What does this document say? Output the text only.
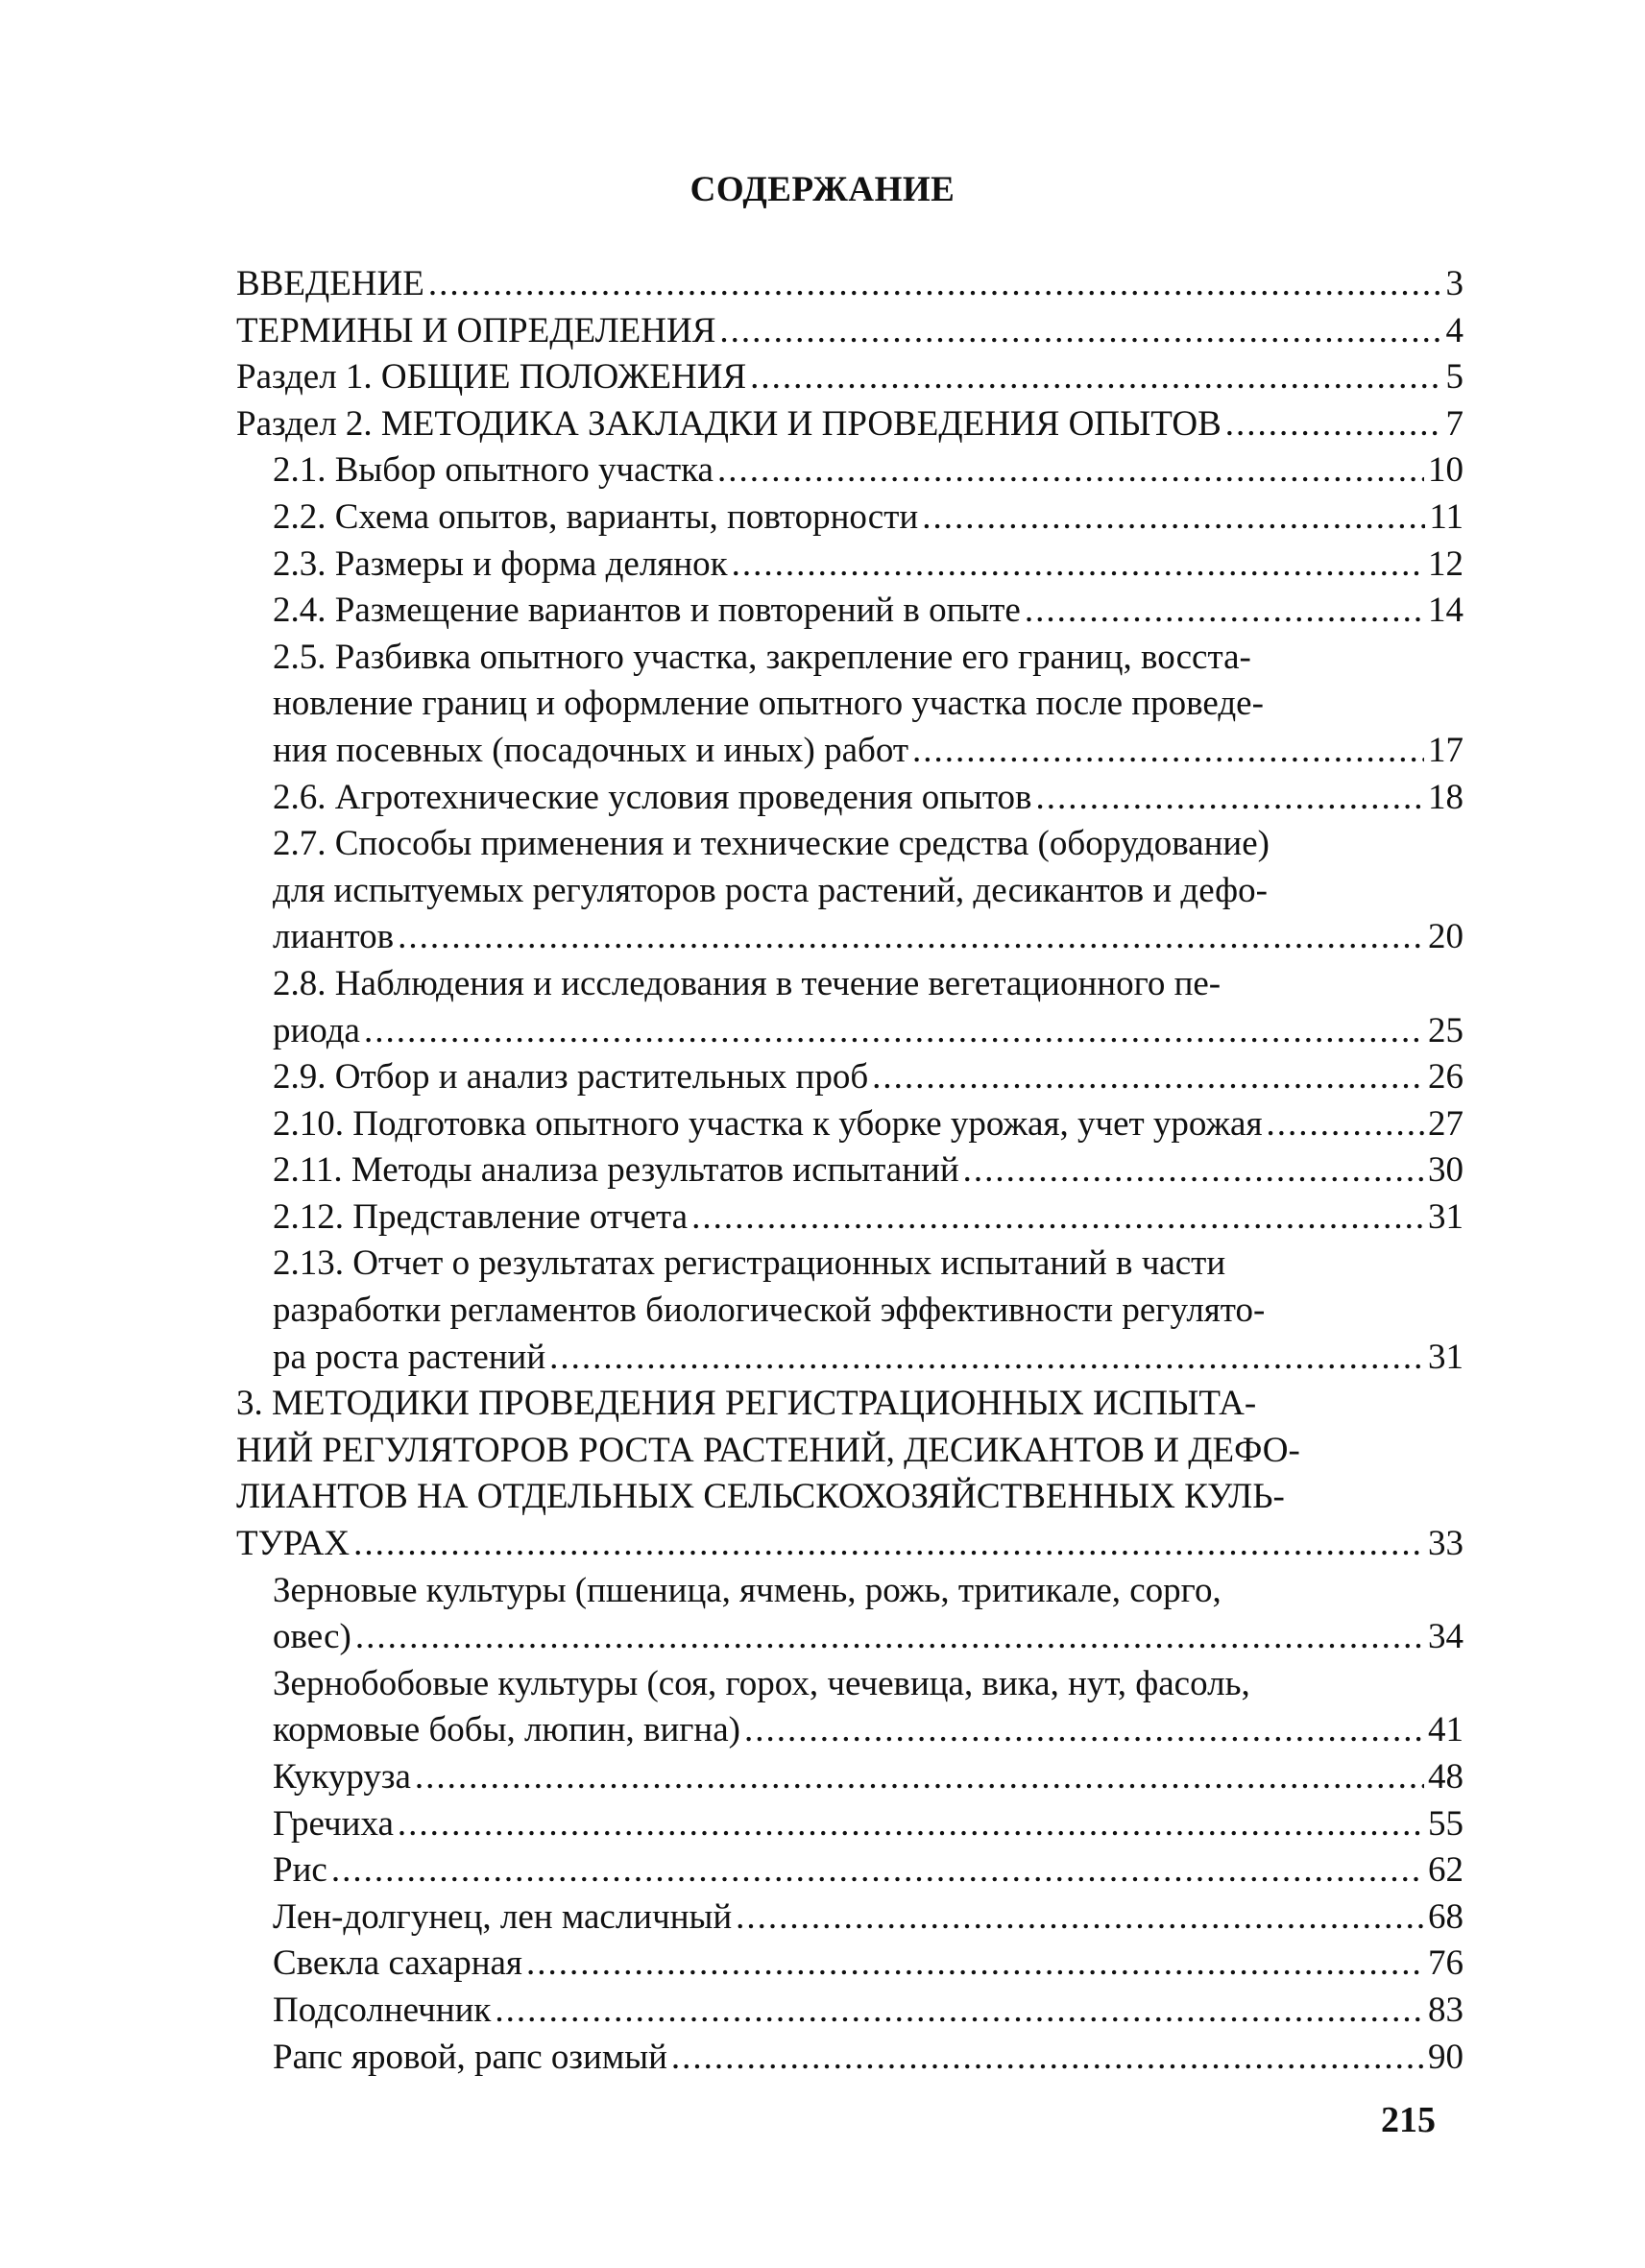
СОДЕРЖАНИЕ
ВВЕДЕНИЕ .....	3
ТЕРМИНЫ И ОПРЕДЕЛЕНИЯ .....	4
Раздел 1. ОБЩИЕ ПОЛОЖЕНИЯ .....	5
Раздел 2. МЕТОДИКА ЗАКЛАДКИ И ПРОВЕДЕНИЯ ОПЫТОВ .....	7
2.1. Выбор опытного участка .....	10
2.2. Схема опытов, варианты, повторности .....	11
2.3. Размеры и форма делянок .....	12
2.4. Размещение вариантов и повторений в опыте .....	14
2.5. Разбивка опытного участка, закрепление его границ, восста-
новление границ и оформление опытного участка после проведе-
ния посевных (посадочных и иных) работ .....	17
2.6. Агротехнические условия проведения опытов .....	18
2.7. Способы применения и технические средства (оборудование)
для испытуемых регуляторов роста растений, десикантов и дефо-
лиантов .....	20
2.8. Наблюдения и исследования в течение вегетационного пе-
риода .....	25
2.9. Отбор и анализ растительных проб .....	26
2.10. Подготовка опытного участка к уборке урожая, учет урожая .....	27
2.11. Методы анализа результатов испытаний .....	30
2.12. Представление отчета .....	31
2.13. Отчет о результатах регистрационных испытаний в части
разработки регламентов биологической эффективности регулято-
ра роста растений .....	31
3. МЕТОДИКИ ПРОВЕДЕНИЯ РЕГИСТРАЦИОННЫХ ИСПЫТА-
НИЙ РЕГУЛЯТОРОВ РОСТА РАСТЕНИЙ, ДЕСИКАНТОВ И ДЕФО-
ЛИАНТОВ НА ОТДЕЛЬНЫХ СЕЛЬСКОХОЗЯЙСТВЕННЫХ КУЛЬ-
ТУРАХ .....	33
Зерновые культуры (пшеница, ячмень, рожь, тритикале, сорго,
овес) .....	34
Зернобобовые культуры (соя, горох, чечевица, вика, нут, фасоль,
кормовые бобы, люпин, вигна) .....	41
Кукуруза .....	48
Гречиха .....	55
Рис .....	62
Лен-долгунец, лен масличный .....	68
Свекла сахарная .....	76
Подсолнечник .....	83
Рапс яровой, рапс озимый .....	90
215
